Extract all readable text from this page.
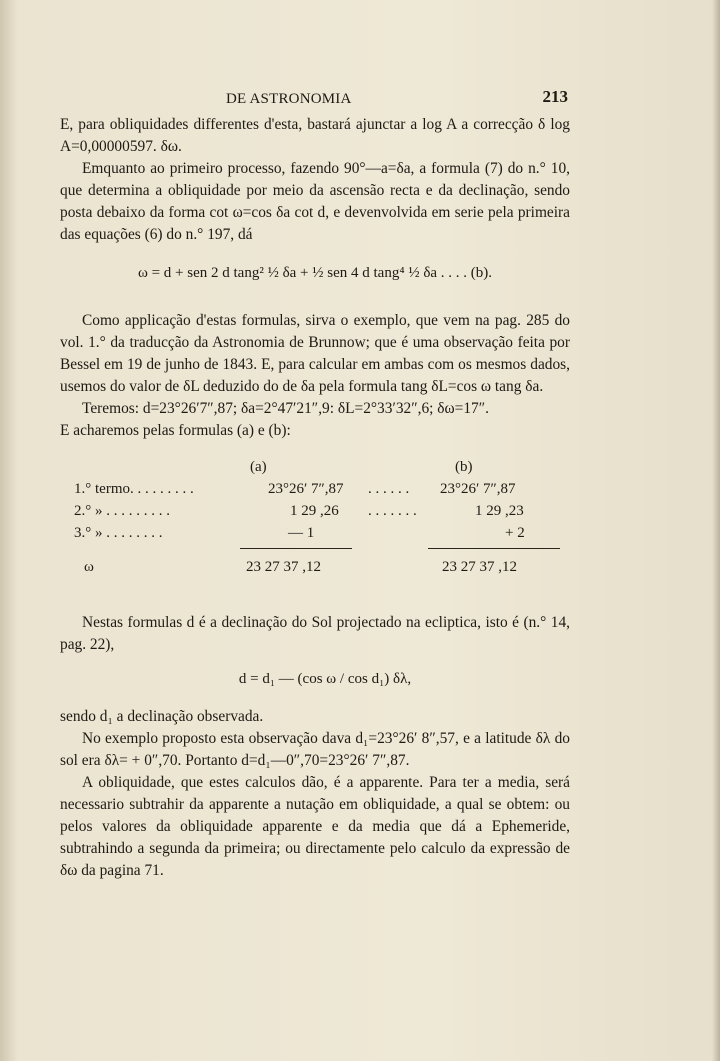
DE ASTRONOMIA	213

E, para obliquidades differentes d'esta, bastará ajunctar a log A a correcção δ log A=0,00000597. δω.

Emquanto ao primeiro processo, fazendo 90°—a=δa, a formula (7) do n.° 10, que determina a obliquidade por meio da ascensão recta e da declinação, sendo posta debaixo da forma cot ω=cos δa cot d, e devenvolvida em serie pela primeira das equações (6) do n.° 197, dá

ω = d + sen 2 d tang² ½ δa + ½ sen 4 d tang⁴ ½ δa . . . . (b).

Como applicação d'estas formulas, sirva o exemplo, que vem na pag. 285 do vol. 1.° da traducção da Astronomia de Brunnow; que é uma observação feita por Bessel em 19 de junho de 1843. E, para calcular em ambas com os mesmos dados, usemos do valor de δL deduzido do de δa pela formula tang δL=cos ω tang δa.

Teremos: d=23°26′7″,87; δa=2°47′21″,9: δL=2°33′32″,6; δω=17″.

E acharemos pelas formulas (a) e (b):

(a)	(b)
1.° termo. . . . . . . . .	23°26′ 7″,87 . . . . . . 23°26′ 7″,87
2.° » . . . . . . . . .	1 29 ,26 . . . . . . .	1 29 ,23
3.° » . . . . . . . .	— 1	+ 2
ω	23 27 37 ,12	23 27 37 ,12

Nestas formulas d é a declinação do Sol projectado na ecliptica, isto é (n.° 14, pag. 22),

d = d₁ — (cos ω / cos d₁) δλ,

sendo d₁ a declinação observada.

No exemplo proposto esta observação dava d₁=23°26′ 8″,57, e a latitude δλ do sol era δλ= + 0″,70. Portanto d=d₁—0″,70=23°26′ 7″,87.

A obliquidade, que estes calculos dão, é a apparente. Para ter a media, será necessario subtrahir da apparente a nutação em obliquidade, a qual se obtem: ou pelos valores da obliquidade apparente e da media que dá a Ephemeride, subtrahindo a segunda da primeira; ou directamente pelo calculo da expressão de δω da pagina 71.
